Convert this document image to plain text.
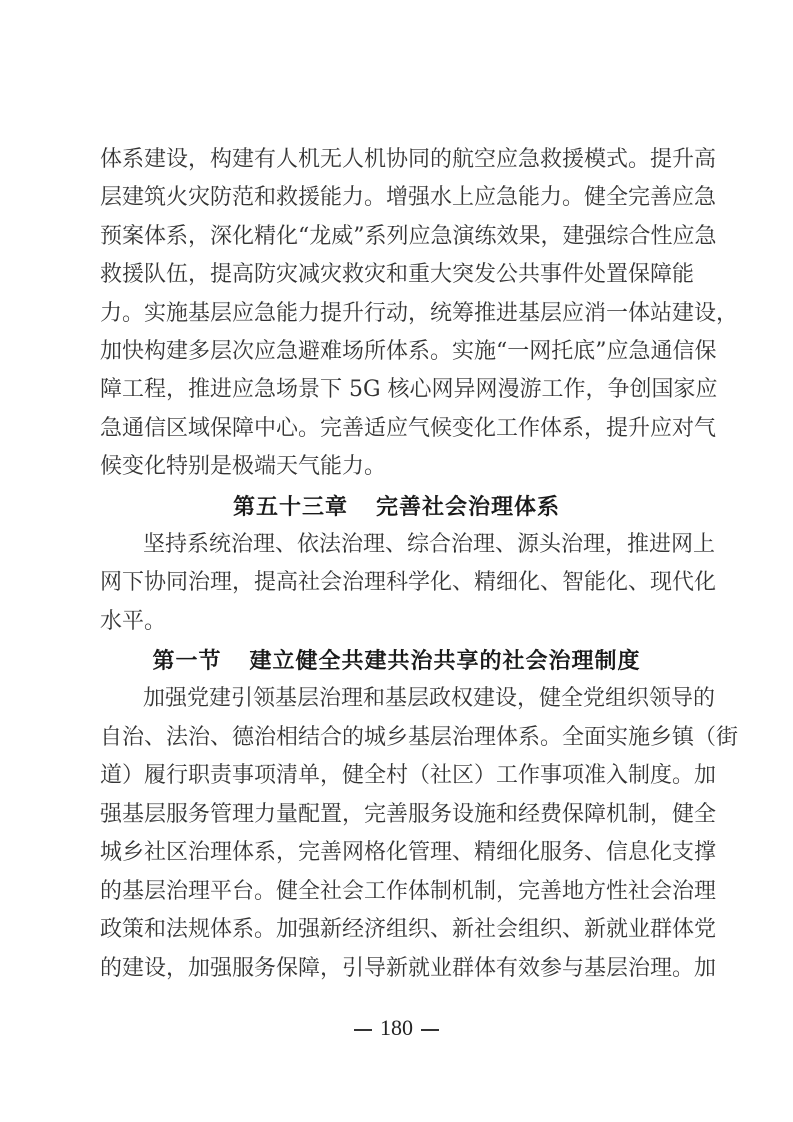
体系建设，构建有人机无人机协同的航空应急救援模式。提升高
层建筑火灾防范和救援能力。增强水上应急能力。健全完善应急
预案体系，深化精化“龙威”系列应急演练效果，建强综合性应急
救援队伍，提高防灾减灾救灾和重大突发公共事件处置保障能
力。实施基层应急能力提升行动，统筹推进基层应消一体站建设，
加快构建多层次应急避难场所体系。实施“一网托底”应急通信保
障工程，推进应急场景下 5G 核心网异网漫游工作，争创国家应
急通信区域保障中心。完善适应气候变化工作体系，提升应对气
候变化特别是极端天气能力。
第五十三章 完善社会治理体系
坚持系统治理、依法治理、综合治理、源头治理，推进网上
网下协同治理，提高社会治理科学化、精细化、智能化、现代化
水平。
第一节 建立健全共建共治共享的社会治理制度
加强党建引领基层治理和基层政权建设，健全党组织领导的
自治、法治、德治相结合的城乡基层治理体系。全面实施乡镇（街
道）履行职责事项清单，健全村（社区）工作事项准入制度。加
强基层服务管理力量配置，完善服务设施和经费保障机制，健全
城乡社区治理体系，完善网格化管理、精细化服务、信息化支撑
的基层治理平台。健全社会工作体制机制，完善地方性社会治理
政策和法规体系。加强新经济组织、新社会组织、新就业群体党
的建设，加强服务保障，引导新就业群体有效参与基层治理。加
180
